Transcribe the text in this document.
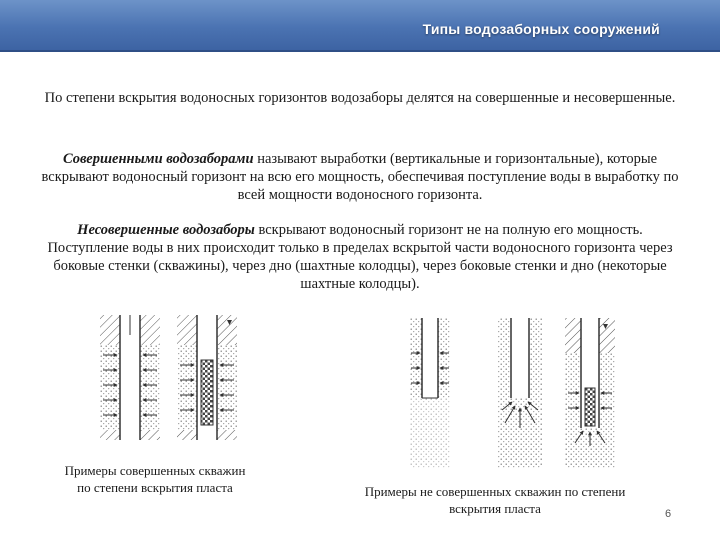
Типы водозаборных сооружений

По степени вскрытия водоносных горизонтов водозаборы делятся на совершенные и несовершенные.

Совершенными водозаборами называют выработки (вертикальные и горизонтальные), которые вскрывают водоносный горизонт на всю его мощность, обеспечивая поступление воды в выработку по всей мощности водоносного горизонта.

Несовершенные водозаборы вскрывают водоносный горизонт не на полную его мощность. Поступление воды в них происходит только в пределах вскрытой части водоносного горизонта через боковые стенки (скважины), через дно (шахтные колодцы), через боковые стенки и дно (некоторые шахтные колодцы).

Примеры совершенных скважин по степени вскрытия пласта	Примеры не совершенных скважин по степени вскрытия пласта	6
